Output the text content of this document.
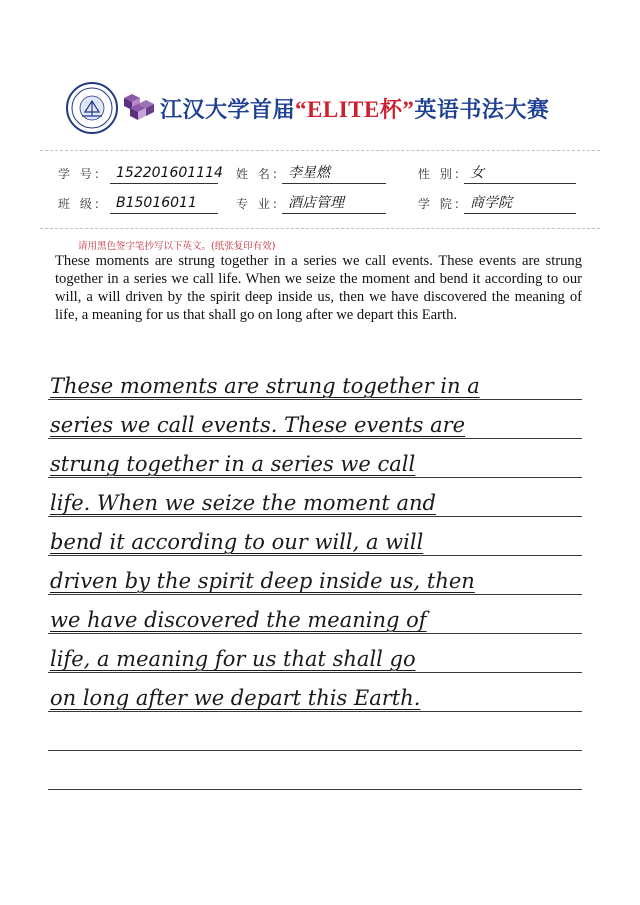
江汉大学首届“ELITE杯”英语书法大赛
学 号:	152201601114 姓 名: 李星燃	性 别: 女
班 级:	B15016011	专 业: 酒店管理	学 院: 商学院
请用黑色签字笔抄写以下英文。(纸张复印有效)
These moments are strung together in a series we call events. These events are strung together in a series we call life. When we seize the moment and bend it according to our will, a will driven by the spirit deep inside us, then we have discovered the meaning of life, a meaning for us that shall go on long after we depart this Earth.
These moments are strung together in a
series we call events. These events are
strung together in a series we call
life. When we seize the moment and
bend it according to our will, a will
driven by the spirit deep inside us, then
we have discovered the meaning of
life, a meaning for us that shall go
on long after we depart this Earth.
